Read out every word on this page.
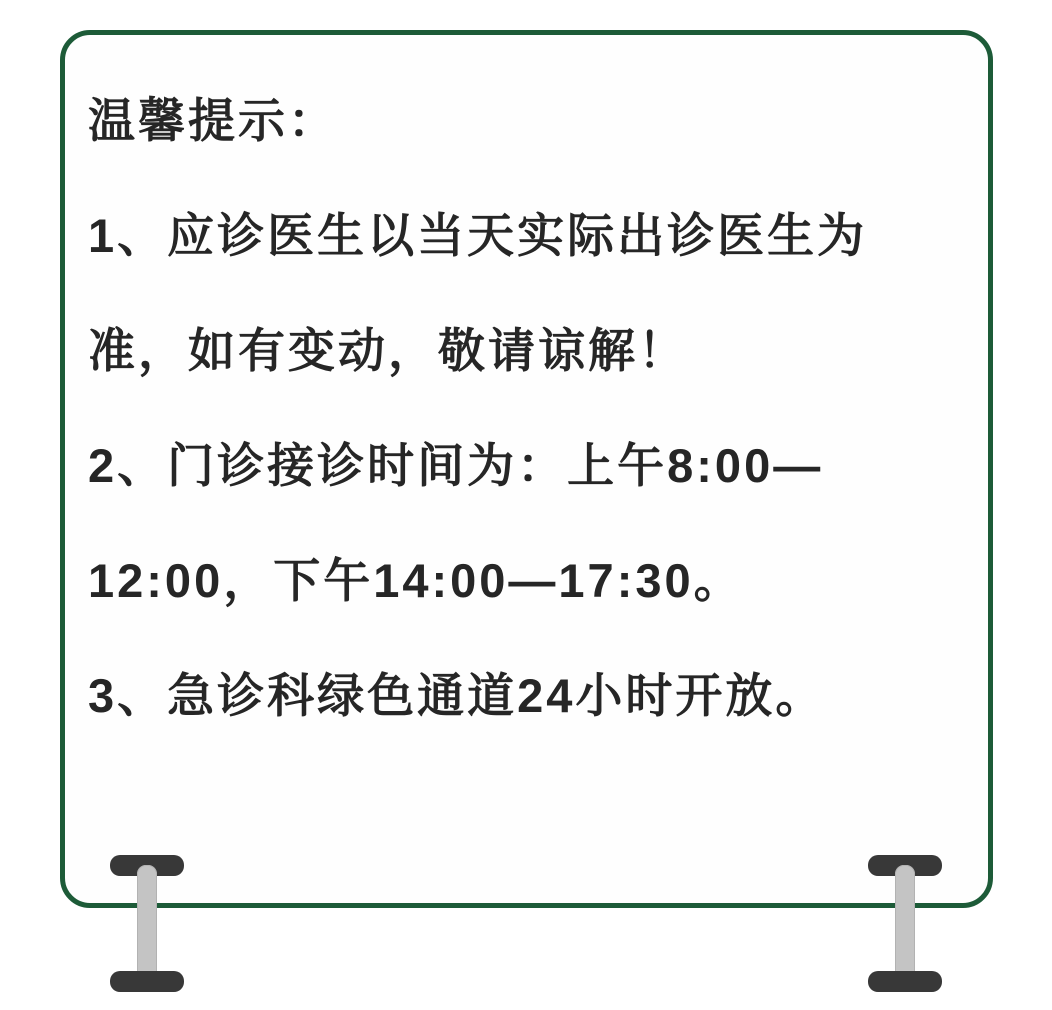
温馨提示：

1、应诊医生以当天实际出诊医生为

准，如有变动，敬请谅解！

2、门诊接诊时间为：上午8:00—

12:00，下午14:00—17:30。

3、急诊科绿色通道24小时开放。
